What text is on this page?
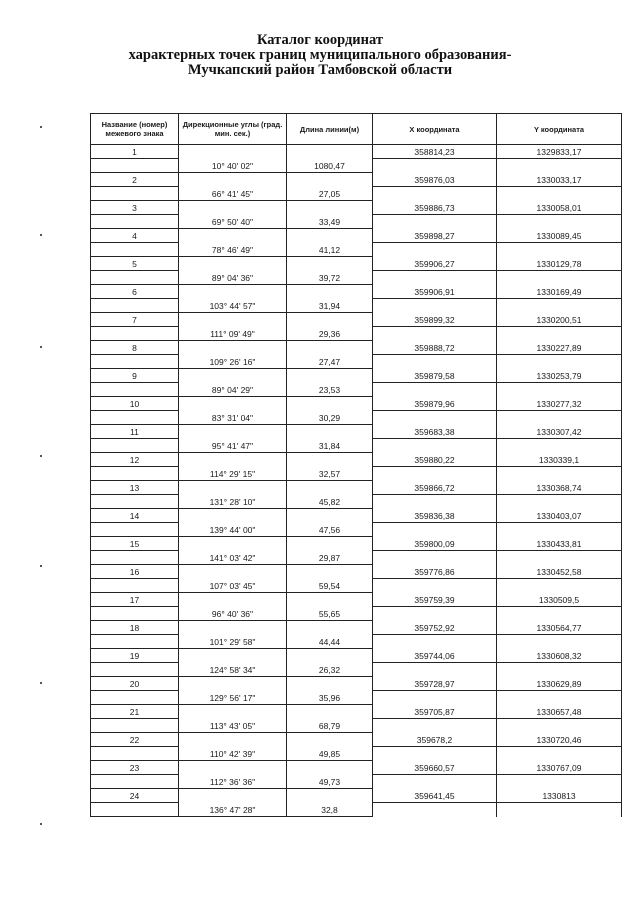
Каталог координат
характерных точек границ муниципального образования-
Мучкапский район Тамбовской области
Название (номер) межевого знака	Дирекционные углы (град. мин. сек.)	Длина линии(м)	X координата	Y координата
1			358814,23	1329833,17
	10° 40' 02"	1080,47		
2			359876,03	1330033,17
	66° 41' 45"	27,05		
3			359886,73	1330058,01
	69° 50' 40"	33,49		
4			359898,27	1330089,45
	78° 46' 49"	41,12		
5			359906,27	1330129,78
	89° 04' 36"	39,72		
6			359906,91	1330169,49
	103° 44' 57"	31,94		
7			359899,32	1330200,51
	111° 09' 49"	29,36		
8			359888,72	1330227,89
	109° 26' 16"	27,47		
9			359879,58	1330253,79
	89° 04' 29"	23,53		
10			359879,96	1330277,32
	83° 31' 04"	30,29		
11			359683,38	1330307,42
	95° 41' 47"	31,84		
12			359880,22	1330339,1
	114° 29' 15"	32,57		
13			359866,72	1330368,74
	131° 28' 10"	45,82		
14			359836,38	1330403,07
	139° 44' 00"	47,56		
15			359800,09	1330433,81
	141° 03' 42"	29,87		
16			359776,86	1330452,58
	107° 03' 45"	59,54		
17			359759,39	1330509,5
	96° 40' 36"	55,65		
18			359752,92	1330564,77
	101° 29' 58"	44,44		
19			359744,06	1330608,32
	124° 58' 34"	26,32		
20			359728,97	1330629,89
	129° 56' 17"	35,96		
21			359705,87	1330657,48
	113° 43' 05"	68,79		
22			359678,2	1330720,46
	110° 42' 39"	49,85		
23			359660,57	1330767,09
	112° 36' 36"	49,73		
24			359641,45	1330813
	136° 47' 28"	32,8		
